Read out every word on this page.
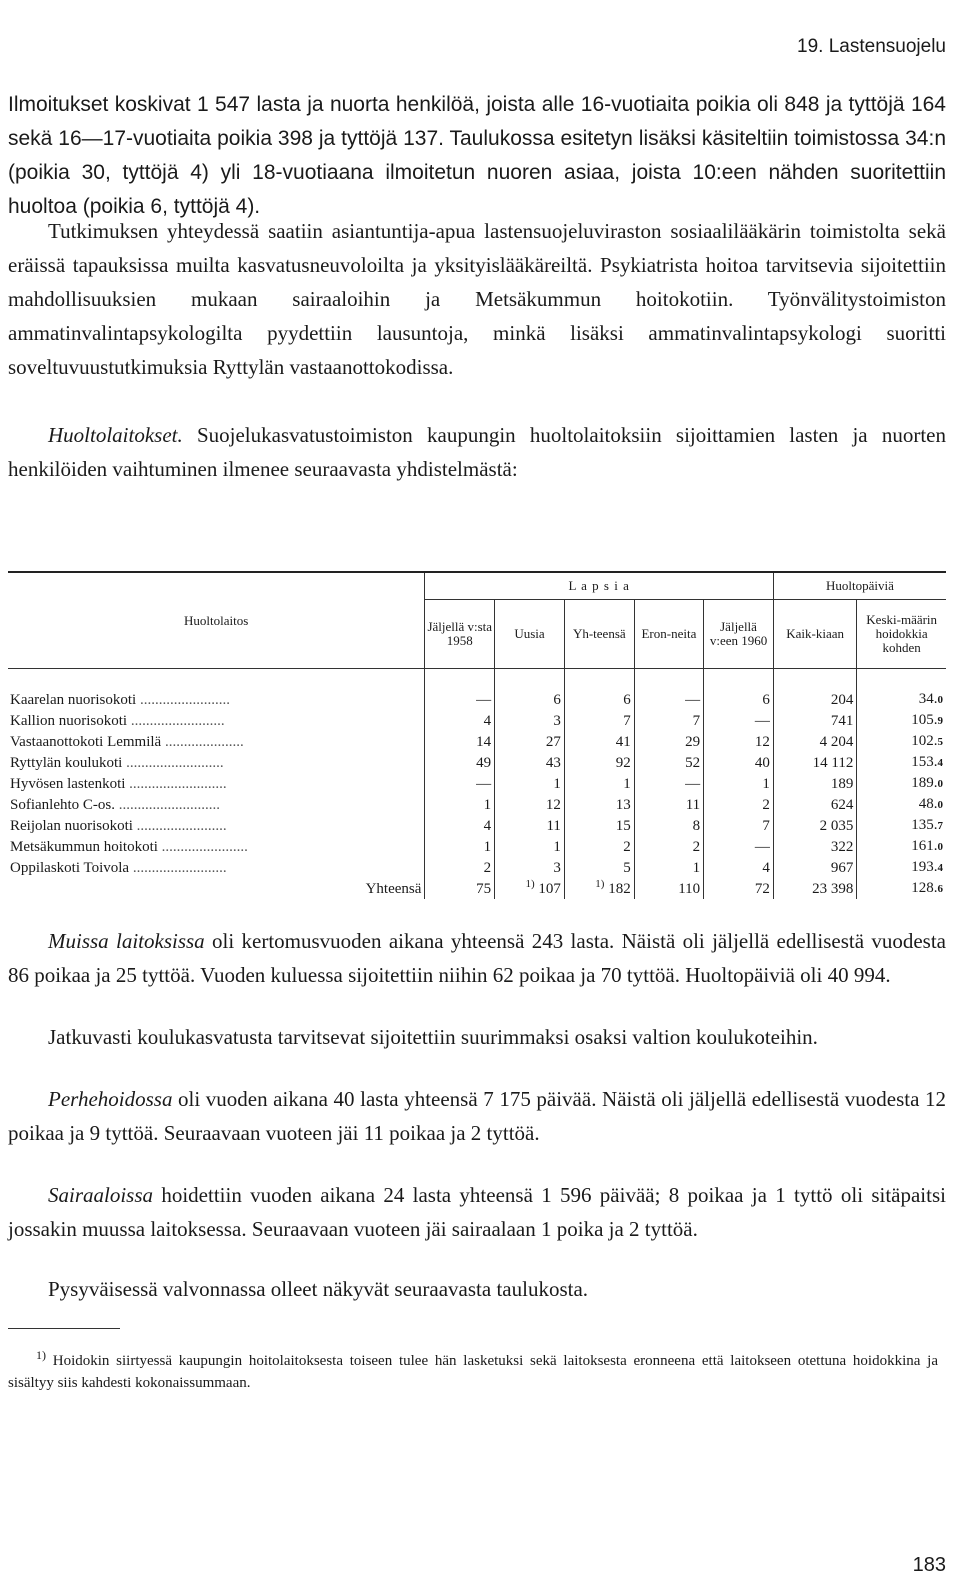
19. Lastensuojelu

Ilmoitukset koskivat 1 547 lasta ja nuorta henkilöä, joista alle 16-vuotiaita poikia oli 848 ja tyttöjä 164 sekä 16—17-vuotiaita poikia 398 ja tyttöjä 137. Taulukossa esitetyn lisäksi käsiteltiin toimistossa 34:n (poikia 30, tyttöjä 4) yli 18-vuotiaana ilmoitetun nuoren asiaa, joista 10:een nähden suoritettiin huoltoa (poikia 6, tyttöjä 4).

Tutkimuksen yhteydessä saatiin asiantuntija-apua lastensuojeluviraston sosiaalilääkärin toimistolta sekä eräissä tapauksissa muilta kasvatusneuvoloilta ja yksityislääkäreiltä. Psykiatrista hoitoa tarvitsevia sijoitettiin mahdollisuuksien mukaan sairaaloihin ja Metsäkummun hoitokotiin. Työnvälitystoimiston ammatinvalintapsykologilta pyydettiin lausuntoja, minkä lisäksi ammatinvalintapsykologi suoritti soveltuvuustutkimuksia Ryttylän vastaanottokodissa.

Huoltolaitokset. Suojelukasvatustoimiston kaupungin huoltolaitoksiin sijoittamien lasten ja nuorten henkilöiden vaihtuminen ilmenee seuraavasta yhdistelmästä:

Huoltolaitos	L a p s i a					Huoltopäiviä	
	Jäljellä v:sta 1958	Uusia	Yh-teensä	Eron-neita	Jäljellä v:een 1960	Kaik-kiaan	Keski-määrin hoidokkia kohden

Kaarelan nuorisokoti ........................	—	6	6	—	6	204	34.0
Kallion nuorisokoti .........................	4	3	7	7	—	741	105.9
Vastaanottokoti Lemmilä .....................	14	27	41	29	12	4 204	102.5
Ryttylän koulukoti ..........................	49	43	92	52	40	14 112	153.4
Hyvösen lastenkoti ..........................	—	1	1	—	1	189	189.0
Sofianlehto C-os. ...........................	1	12	13	11	2	624	48.0
Reijolan nuorisokoti ........................	4	11	15	8	7	2 035	135.7
Metsäkummun hoitokoti .......................	1	1	2	2	—	322	161.0
Oppilaskoti Toivola .........................	2	3	5	1	4	967	193.4
Yhteensä	75	$^{1)}$ 107	$^{1)}$ 182	110	72	23 398	128.6

Muissa laitoksissa oli kertomusvuoden aikana yhteensä 243 lasta. Näistä oli jäljellä edellisestä vuodesta 86 poikaa ja 25 tyttöä. Vuoden kuluessa sijoitettiin niihin 62 poikaa ja 70 tyttöä. Huoltopäiviä oli 40 994.

Jatkuvasti koulukasvatusta tarvitsevat sijoitettiin suurimmaksi osaksi valtion koulukoteihin.

Perhehoidossa oli vuoden aikana 40 lasta yhteensä 7 175 päivää. Näistä oli jäljellä edellisestä vuodesta 12 poikaa ja 9 tyttöä. Seuraavaan vuoteen jäi 11 poikaa ja 2 tyttöä.

Sairaaloissa hoidettiin vuoden aikana 24 lasta yhteensä 1 596 päivää; 8 poikaa ja 1 tyttö oli sitäpaitsi jossakin muussa laitoksessa. Seuraavaan vuoteen jäi sairaalaan 1 poika ja 2 tyttöä.

Pysyväisessä valvonnassa olleet näkyvät seuraavasta taulukosta.

$^{1)}$ Hoidokin siirtyessä kaupungin hoitolaitoksesta toiseen tulee hän lasketuksi sekä laitoksesta eronneena että laitokseen otettuna hoidokkina ja sisältyy siis kahdesti kokonaissummaan.

183
